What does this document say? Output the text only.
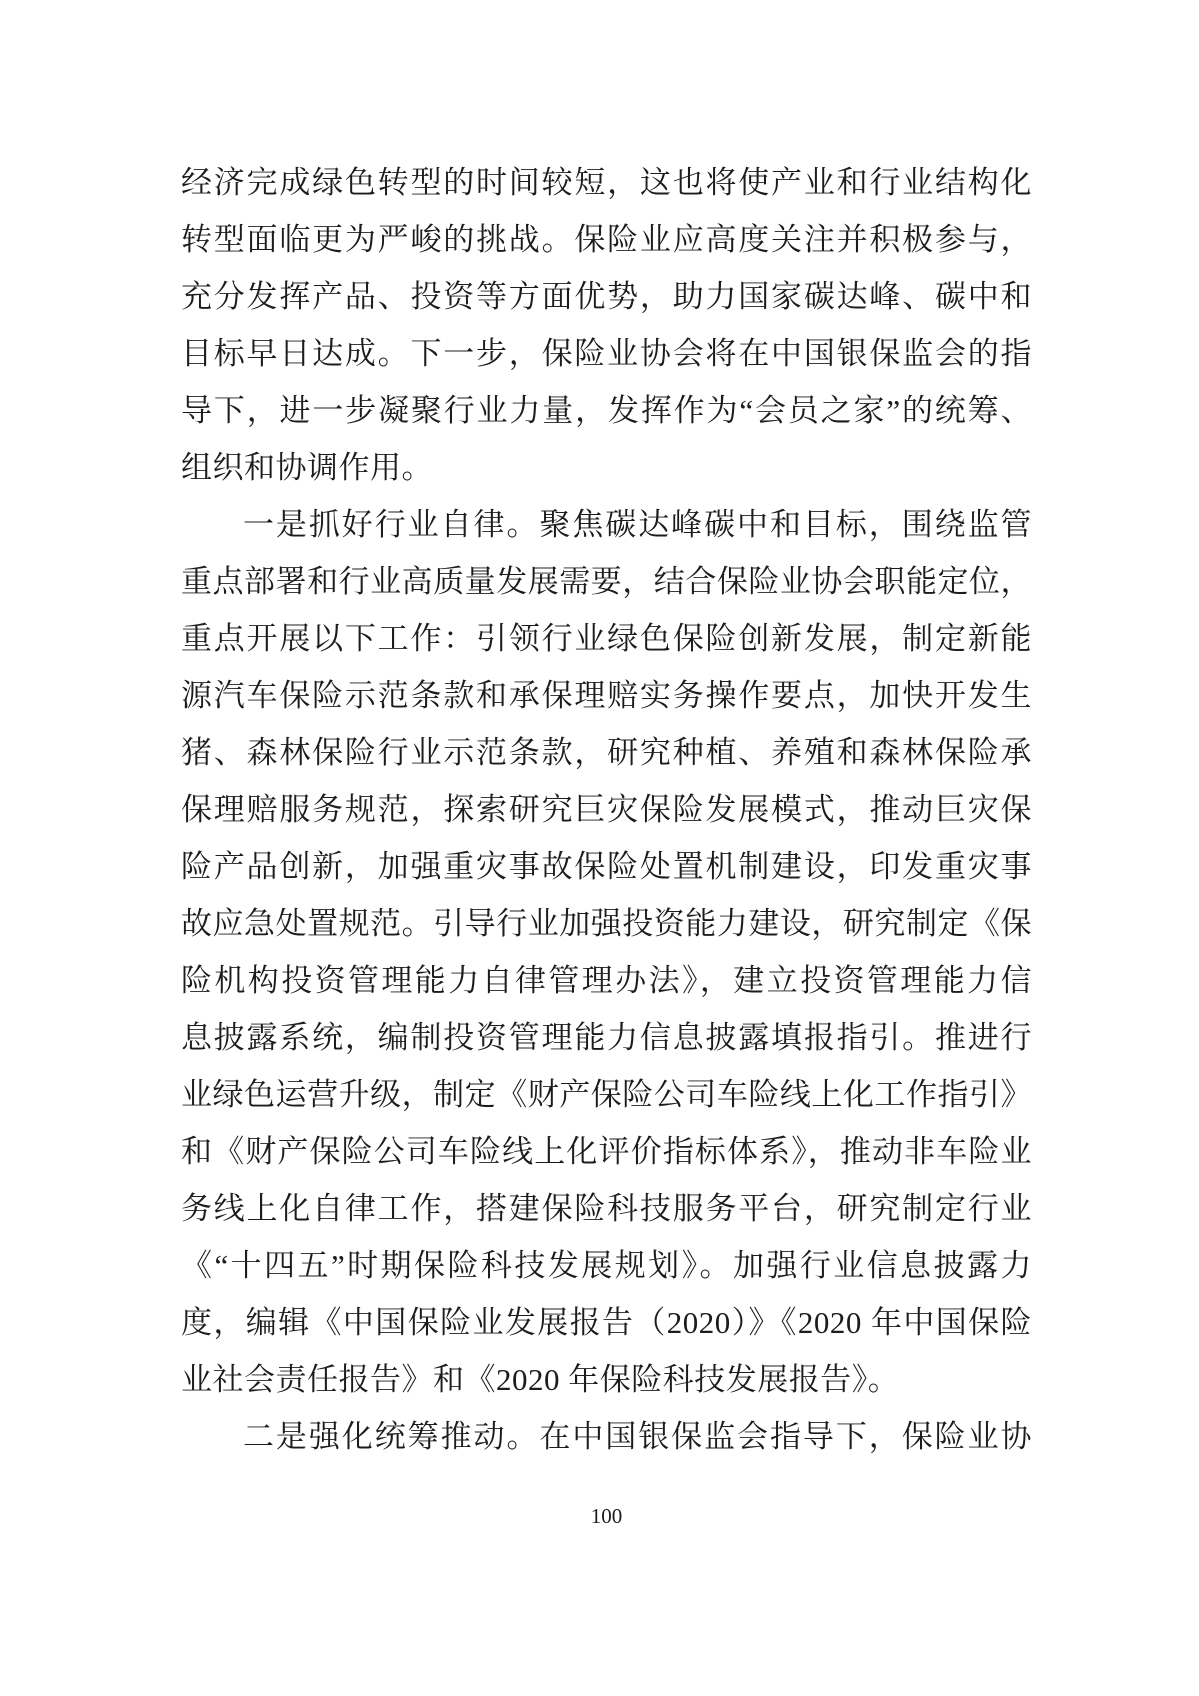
经济完成绿色转型的时间较短，这也将使产业和行业结构化
转型面临更为严峻的挑战。保险业应高度关注并积极参与，
充分发挥产品、投资等方面优势，助力国家碳达峰、碳中和
目标早日达成。下一步，保险业协会将在中国银保监会的指
导下，进一步凝聚行业力量，发挥作为“会员之家”的统筹、
组织和协调作用。
一是抓好行业自律。聚焦碳达峰碳中和目标，围绕监管
重点部署和行业高质量发展需要，结合保险业协会职能定位，
重点开展以下工作：引领行业绿色保险创新发展，制定新能
源汽车保险示范条款和承保理赔实务操作要点，加快开发生
猪、森林保险行业示范条款，研究种植、养殖和森林保险承
保理赔服务规范，探索研究巨灾保险发展模式，推动巨灾保
险产品创新，加强重灾事故保险处置机制建设，印发重灾事
故应急处置规范。引导行业加强投资能力建设，研究制定《保
险机构投资管理能力自律管理办法》，建立投资管理能力信
息披露系统，编制投资管理能力信息披露填报指引。推进行
业绿色运营升级，制定《财产保险公司车险线上化工作指引》
和《财产保险公司车险线上化评价指标体系》，推动非车险业
务线上化自律工作，搭建保险科技服务平台，研究制定行业
《“十四五”时期保险科技发展规划》。加强行业信息披露力
度，编辑《中国保险业发展报告（2020）》《2020 年中国保险
业社会责任报告》和《2020 年保险科技发展报告》。
二是强化统筹推动。在中国银保监会指导下，保险业协
100
